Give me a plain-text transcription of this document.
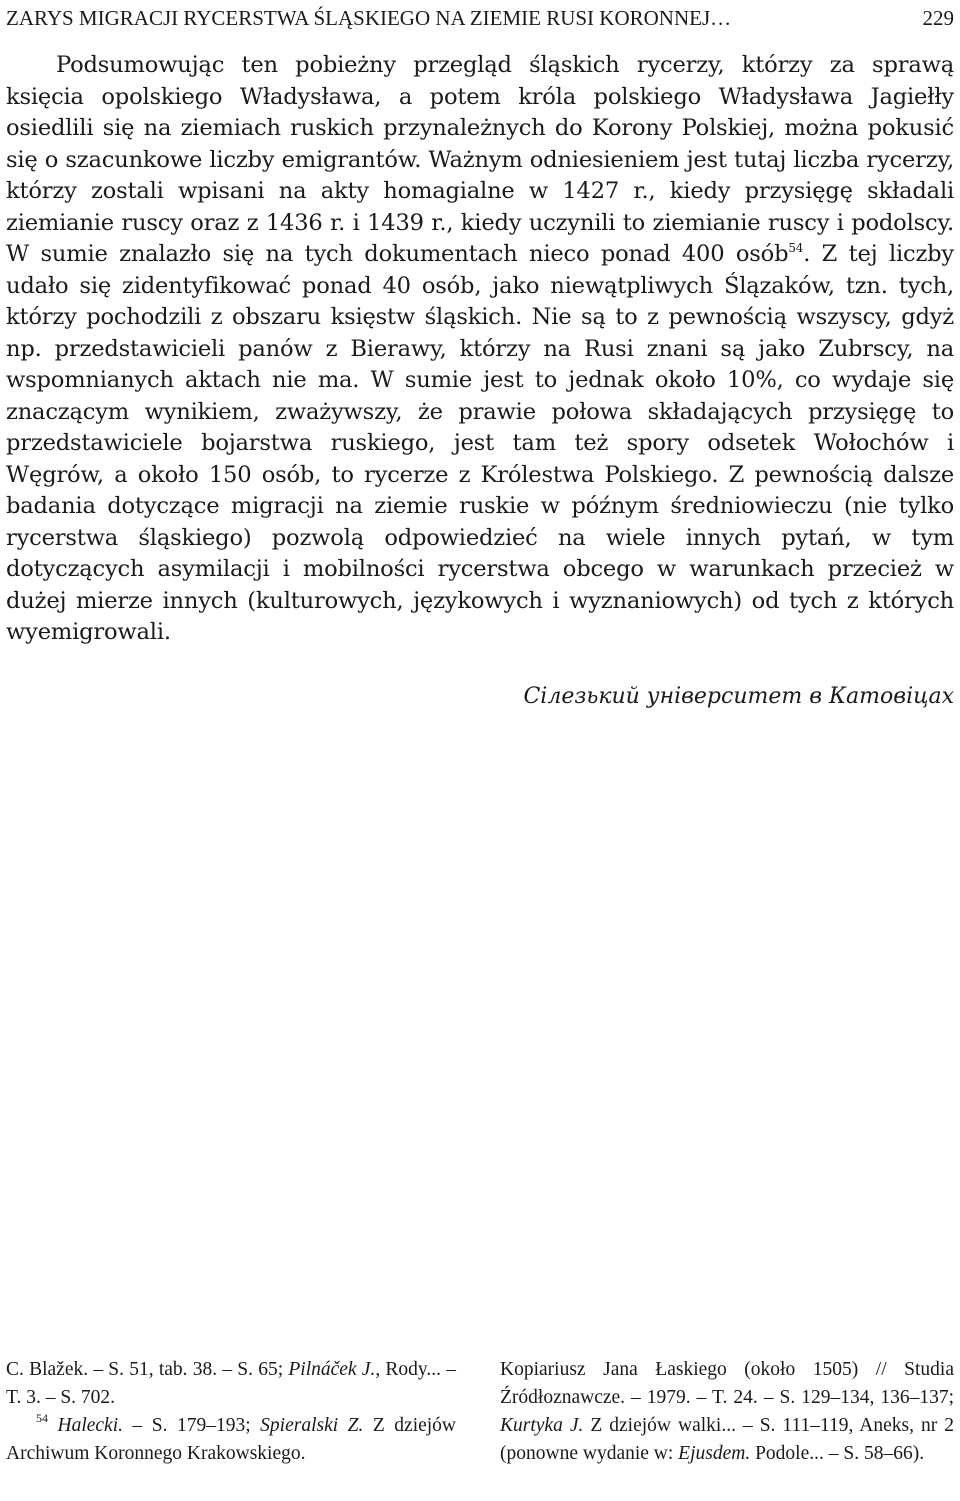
ZARYS MIGRACJI RYCERSTWA ŚLĄSKIEGO NA ZIEMIE RUSI KORONNEJ…	229

Podsumowując ten pobieżny przegląd śląskich rycerzy, którzy za sprawą księcia opolskiego Władysława, a potem króla polskiego Władysława Jagiełły osiedlili się na ziemiach ruskich przynależnych do Korony Polskiej, można pokusić się o szacunkowe liczby emigrantów. Ważnym odniesieniem jest tutaj liczba rycerzy, którzy zostali wpisani na akty homagialne w 1427 r., kiedy przysięgę składali ziemianie ruscy oraz z 1436 r. i 1439 r., kiedy uczynili to ziemianie ruscy i podolscy. W sumie znalazło się na tych dokumentach nieco ponad 400 osób$^{54}$. Z tej liczby udało się zidentyfikować ponad 40 osób, jako niewątpliwych Ślązaków, tzn. tych, którzy pochodzili z obszaru księstw śląskich. Nie są to z pewnością wszyscy, gdyż np. przedstawicieli panów z Bierawy, którzy na Rusi znani są jako Zubrscy, na wspomnianych aktach nie ma. W sumie jest to jednak około 10%, co wydaje się znaczącym wynikiem, zważywszy, że prawie połowa składających przysięgę to przedstawiciele bojarstwa ruskiego, jest tam też spory odsetek Wołochów i Węgrów, a około 150 osób, to rycerze z Królestwa Polskiego. Z pewnością dalsze badania dotyczące migracji na ziemie ruskie w późnym średniowieczu (nie tylko rycerstwa śląskiego) pozwolą odpowiedzieć na wiele innych pytań, w tym dotyczących asymilacji i mobilności rycerstwa obcego w warunkach przecież w dużej mierze innych (kulturowych, językowych i wyznaniowych) od tych z których wyemigrowali.

Сілезький університет в Катовіцах

C. Blažek. – S. 51, tab. 38. – S. 65; Pilnáček J., Rody... – T. 3. – S. 702.

$^{54}$ Halecki. – S. 179–193; Spieralski Z. Z dziejów Archiwum Koronnego Krakowskiego.

Kopiariusz Jana Łaskiego (około 1505) // Studia Źródłoznawcze. – 1979. – T. 24. – S. 129–134, 136–137; Kurtyka J. Z dziejów walki... – S. 111–119, Aneks, nr 2 (ponowne wydanie w: Ejusdem. Podole... – S. 58–66).
